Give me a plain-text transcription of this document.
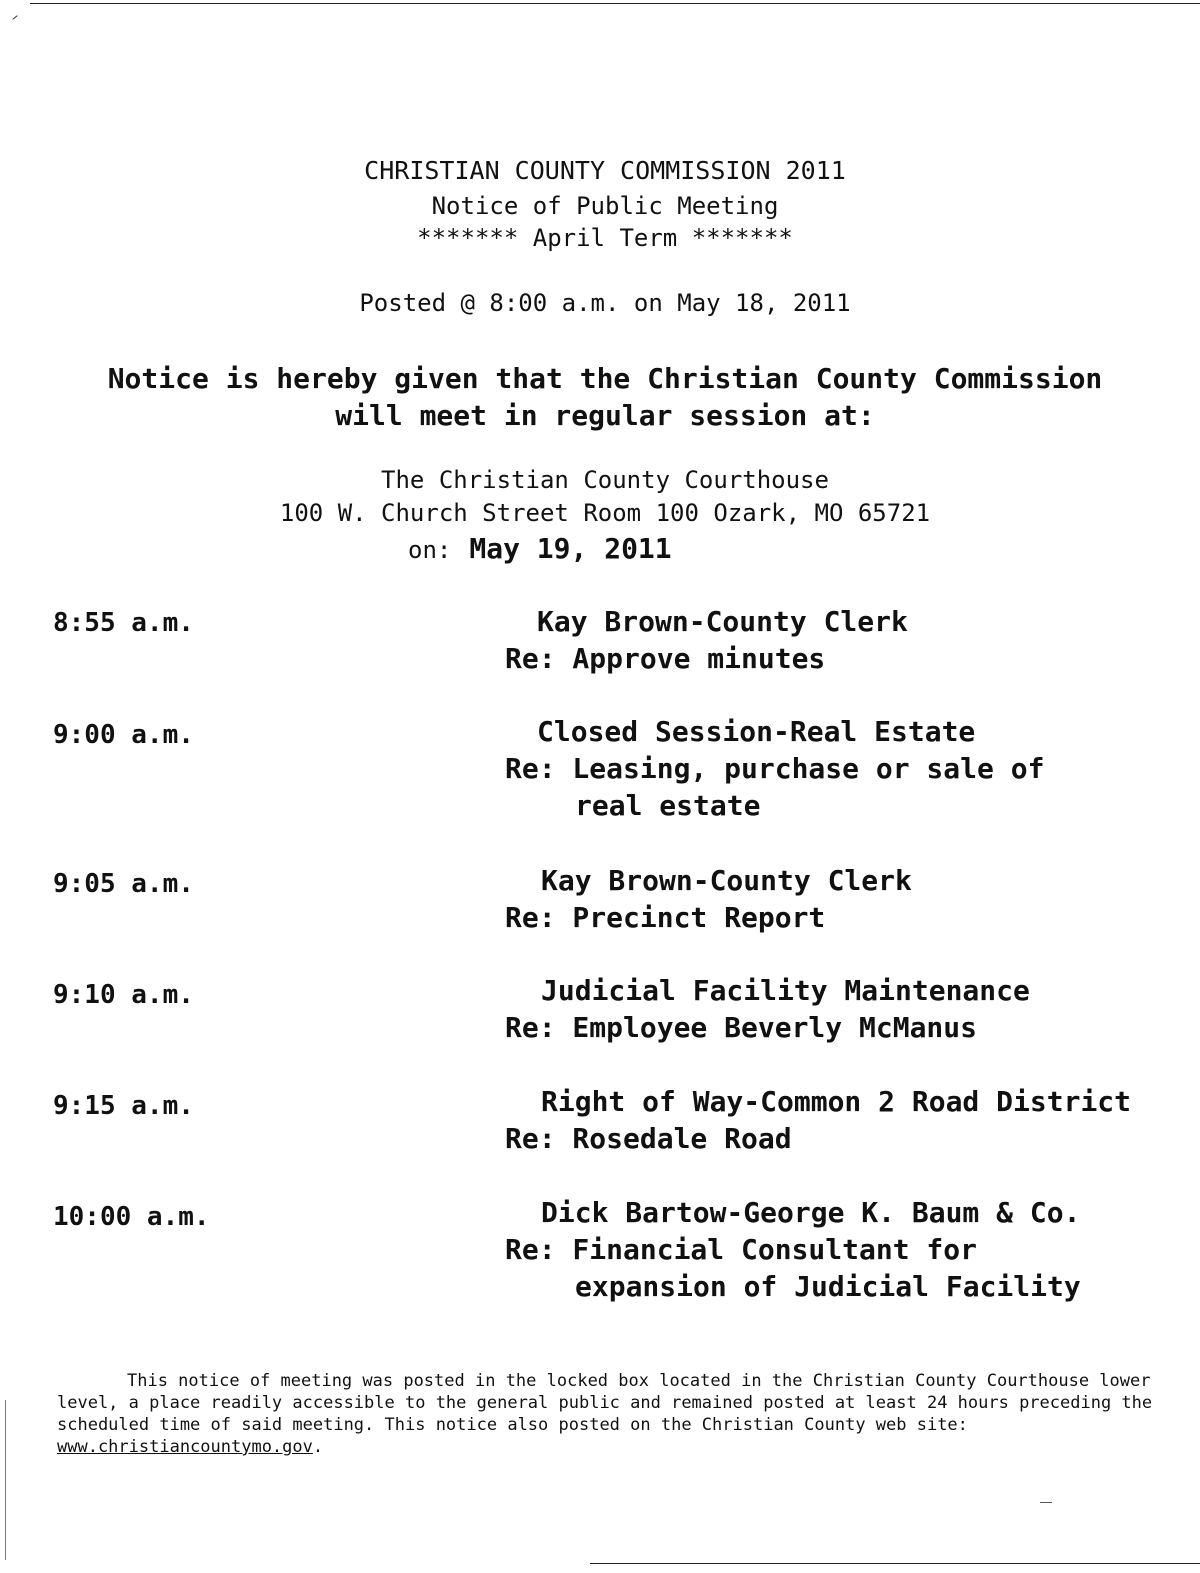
CHRISTIAN COUNTY COMMISSION 2011
Notice of Public Meeting
******* April Term *******
Posted @ 8:00 a.m. on May 18, 2011
Notice is hereby given that the Christian County Commission
will meet in regular session at:
The Christian County Courthouse
100 W. Church Street Room 100 Ozark, MO 65721
on: May 19, 2011
8:55 a.m.	Kay Brown-County Clerk
Re: Approve minutes
9:00 a.m.	Closed Session-Real Estate
Re: Leasing, purchase or sale of
real estate
9:05 a.m.	Kay Brown-County Clerk
Re: Precinct Report
9:10 a.m.	Judicial Facility Maintenance
Re: Employee Beverly McManus
9:15 a.m.	Right of Way-Common 2 Road District
Re: Rosedale Road
10:00 a.m.	Dick Bartow-George K. Baum & Co.
Re: Financial Consultant for
expansion of Judicial Facility
This notice of meeting was posted in the locked box located in the Christian County Courthouse lower level, a place readily accessible to the general public and remained posted at least 24 hours preceding the scheduled time of said meeting. This notice also posted on the Christian County web site: www.christiancountymo.gov.
